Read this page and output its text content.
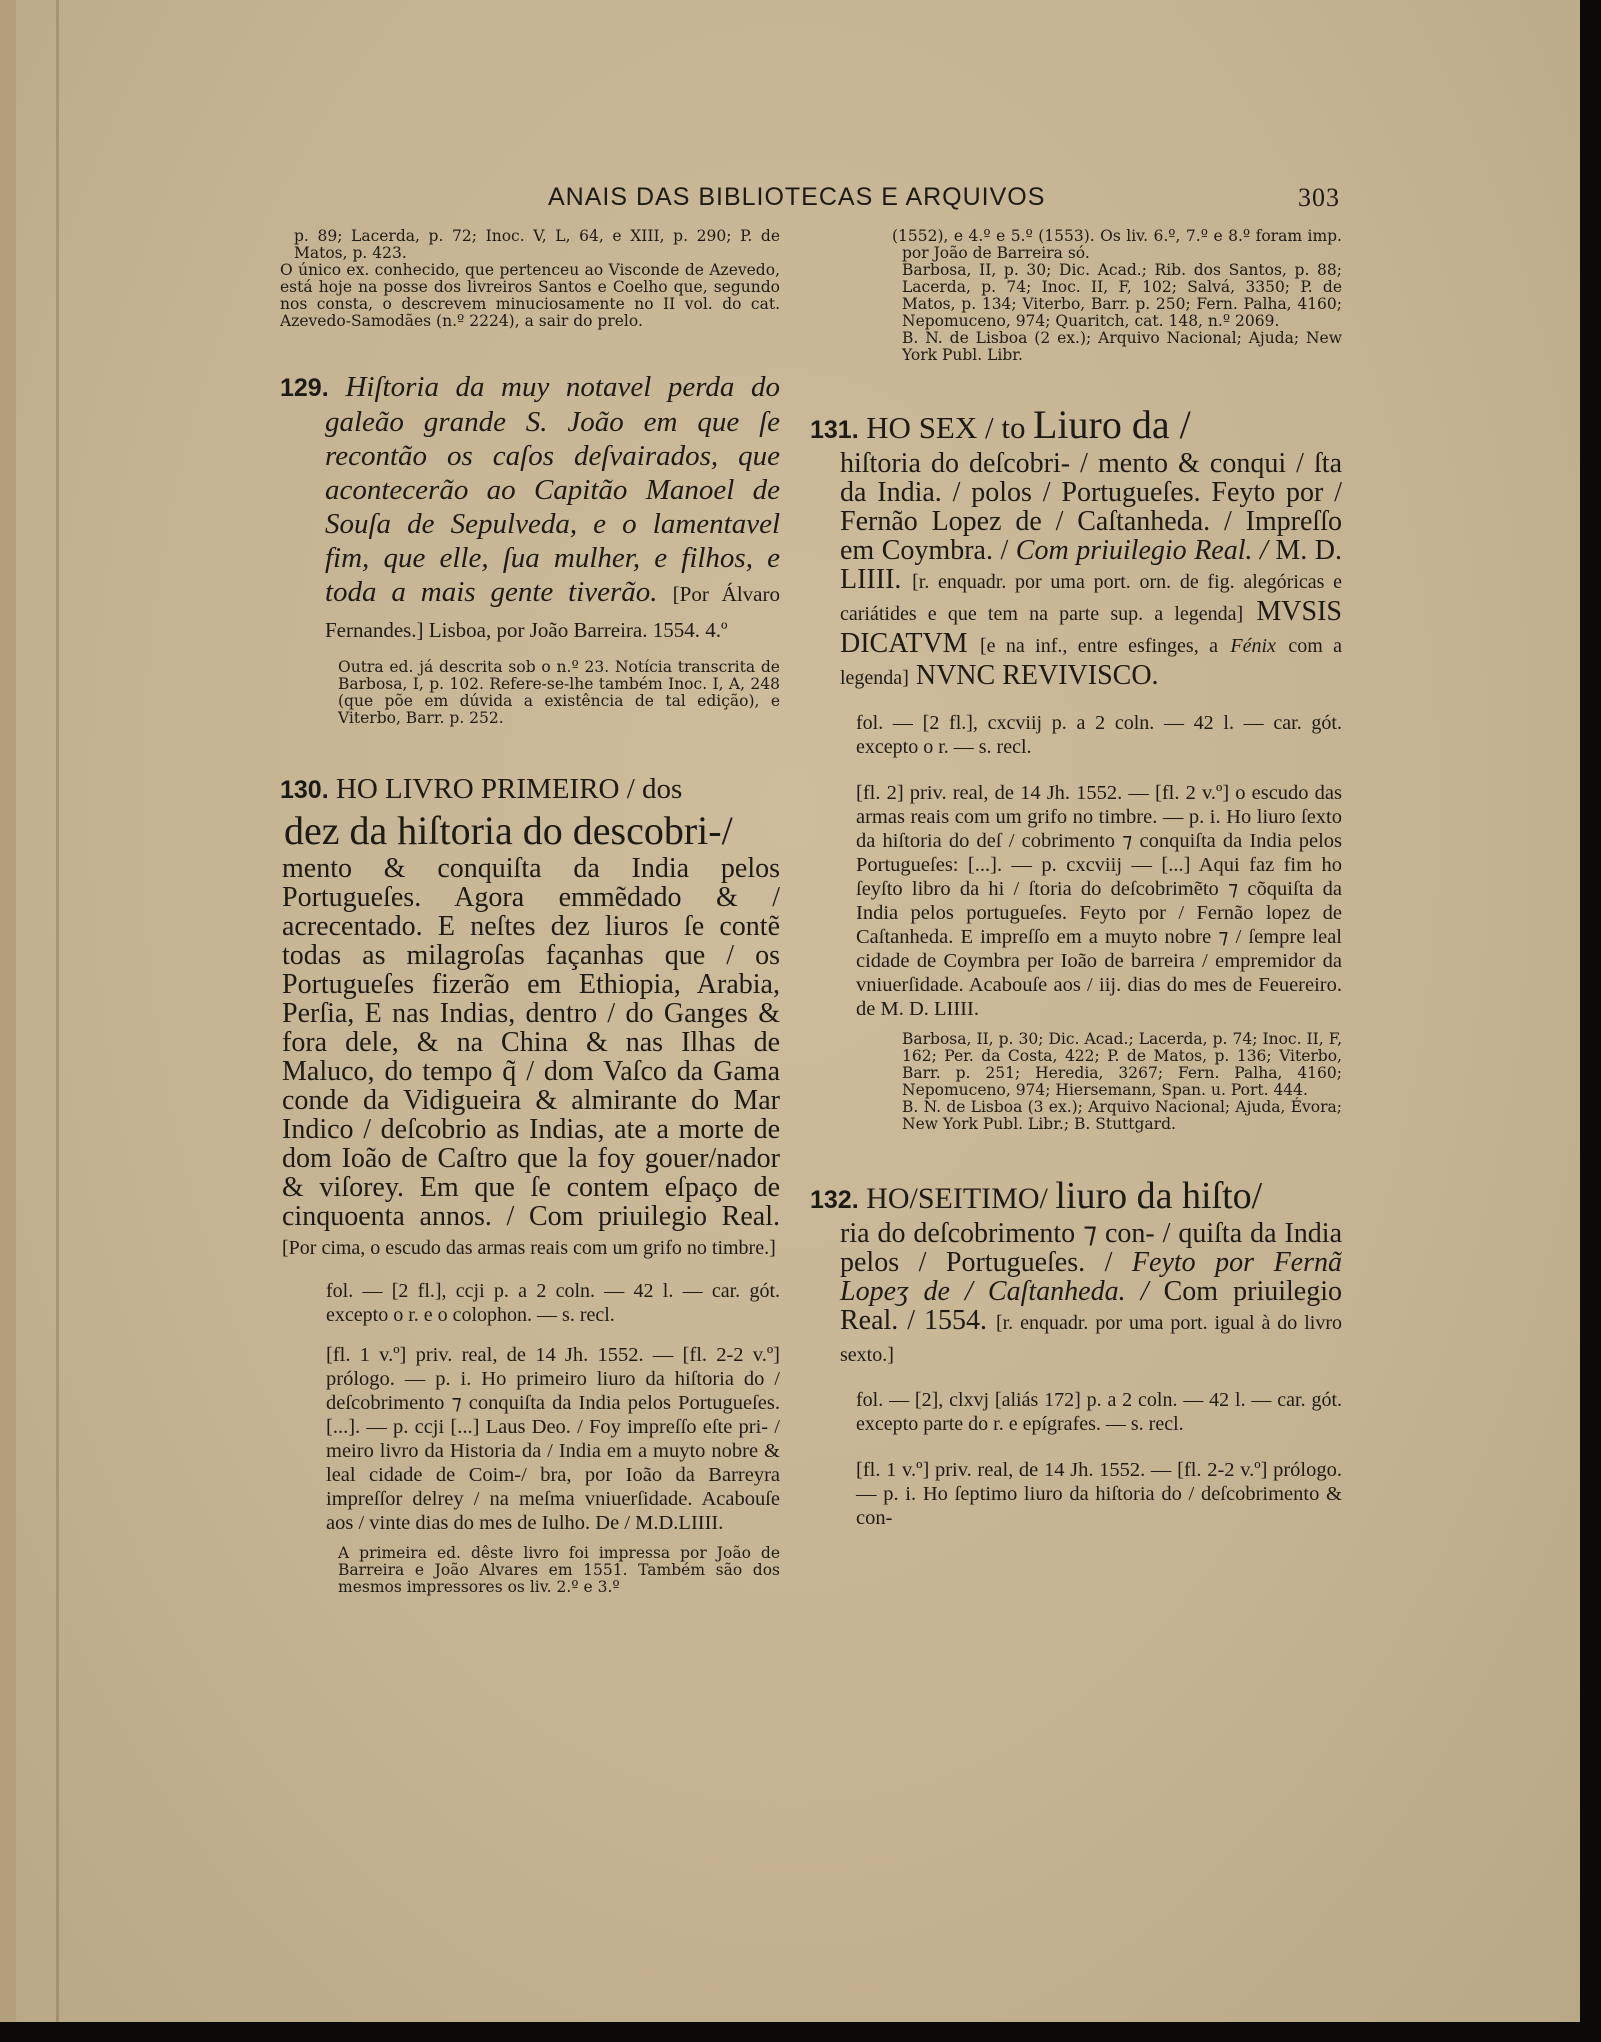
ANAIS DAS BIBLIOTECAS E ARQUIVOS	303

p. 89; Lacerda, p. 72; Inoc. V, L, 64, e XIII, p. 290; P. de Matos, p. 423.

O único ex. conhecido, que pertenceu ao Visconde de Azevedo, está hoje na posse dos livreiros Santos e Coelho que, segundo nos consta, o descrevem minuciosamente no II vol. do cat. Azevedo-Samodães (n.º 2224), a sair do prelo.

129. Hiſtoria da muy notavel perda do galeão grande S. João em que ſe recontão os caſos deſvairados, que acontecerão ao Capitão Manoel de Souſa de Sepulveda, e o lamentavel fim, que elle, ſua mulher, e filhos, e toda a mais gente tiverão. [Por Álvaro Fernandes.] Lisboa, por João Barreira. 1554. 4.º

Outra ed. já descrita sob o n.º 23. Notícia transcrita de Barbosa, I, p. 102. Refere-se-lhe também Inoc. I, A, 248 (que põe em dúvida a existência de tal edição), e Viterbo, Barr. p. 252.

130. HO LIVRO PRIMEIRO / dos

dez da hiſtoria do descobri-/

mento & conquiſta da India pelos Portugueſes. Agora emmẽdado & / acrecentado. E neſtes dez liuros ſe contẽ todas as milagroſas façanhas que / os Portugueſes fizerão em Ethiopia, Arabia, Perſia, E nas Indias, dentro / do Ganges & fora dele, & na China & nas Ilhas de Maluco, do tempo q̃ / dom Vaſco da Gama conde da Vidigueira & almirante do Mar Indico / deſcobrio as Indias, ate a morte de dom Ioão de Caſtro que la foy gouer/nador & viſorey. Em que ſe contem eſpaço de cinquoenta annos. / Com priuilegio Real. [Por cima, o escudo das armas reais com um grifo no timbre.]

fol. — [2 fl.], ccji p. a 2 coln. — 42 l. — car. gót. excepto o r. e o colophon. — s. recl.

[fl. 1 v.º] priv. real, de 14 Jh. 1552. — [fl. 2-2 v.º] prólogo. — p. i. Ho primeiro liuro da hiſtoria do / deſcobrimento ⁊ conquiſta da India pelos Portugueſes. [...]. — p. ccji [...] Laus Deo. / Foy impreſſo eſte pri- / meiro livro da Historia da / India em a muyto nobre & leal cidade de Coim-/ bra, por Ioão da Barreyra impreſſor delrey / na meſma vniuerſidade. Acabouſe aos / vinte dias do mes de Iulho. De / M.D.LIIII.

A primeira ed. dêste livro foi impressa por João de Barreira e João Alvares em 1551. Também são dos mesmos impressores os liv. 2.º e 3.º

(1552), e 4.º e 5.º (1553). Os liv. 6.º, 7.º e 8.º foram imp. por João de Barreira só.

Barbosa, II, p. 30; Dic. Acad.; Rib. dos Santos, p. 88; Lacerda, p. 74; Inoc. II, F, 102; Salvá, 3350; P. de Matos, p. 134; Viterbo, Barr. p. 250; Fern. Palha, 4160; Nepomuceno, 974; Quaritch, cat. 148, n.º 2069.

B. N. de Lisboa (2 ex.); Arquivo Nacional; Ajuda; New York Publ. Libr.

131. HO SEX / to Liuro da /

hiſtoria do deſcobri- / mento & conqui / ſta da India. / polos / Portugueſes. Feyto por / Fernão Lopez de / Caſtanheda. / Impreſſo em Coymbra. / Com priuilegio Real. / M. D. LIIII. [r. enquadr. por uma port. orn. de fig. alegóricas e cariátides e que tem na parte sup. a legenda] MVSIS DICATVM [e na inf., entre esfinges, a Fénix com a legenda] NVNC REVIVISCO.

fol. — [2 fl.], cxcviij p. a 2 coln. — 42 l. — car. gót. excepto o r. — s. recl.

[fl. 2] priv. real, de 14 Jh. 1552. — [fl. 2 v.º] o escudo das armas reais com um grifo no timbre. — p. i. Ho liuro ſexto da hiſtoria do deſ / cobrimento ⁊ conquiſta da India pelos Portugueſes: [...]. — p. cxcviij — [...] Aqui faz fim ho ſeyſto libro da hi / ſtoria do deſcobrimẽto ⁊ cõquiſta da India pelos portugueſes. Feyto por / Fernão lopez de Caſtanheda. E impreſſo em a muyto nobre ⁊ / ſempre leal cidade de Coymbra per Ioão de barreira / empremidor da vniuerſidade. Acabouſe aos / iij. dias do mes de Feuereiro. de M. D. LIIII.

Barbosa, II, p. 30; Dic. Acad.; Lacerda, p. 74; Inoc. II, F, 162; Per. da Costa, 422; P. de Matos, p. 136; Viterbo, Barr. p. 251; Heredia, 3267; Fern. Palha, 4160; Nepomuceno, 974; Hiersemann, Span. u. Port. 444.

B. N. de Lisboa (3 ex.); Arquivo Nacional; Ajuda, Évora; New York Publ. Libr.; B. Stuttgard.

132. HO/SEITIMO/ liuro da hiſto/

ria do deſcobrimento ⁊ con- / quiſta da India pelos / Portugueſes. / Feyto por Fernã Lopeʒ de / Caſtanheda. / Com priuilegio Real. / 1554. [r. enquadr. por uma port. igual à do livro sexto.]

fol. — [2], clxvj [aliás 172] p. a 2 coln. — 42 l. — car. gót. excepto parte do r. e epígrafes. — s. recl.

[fl. 1 v.º] priv. real, de 14 Jh. 1552. — [fl. 2-2 v.º] prólogo. — p. i. Ho ſeptimo liuro da hiſtoria do / deſcobrimento & con-
